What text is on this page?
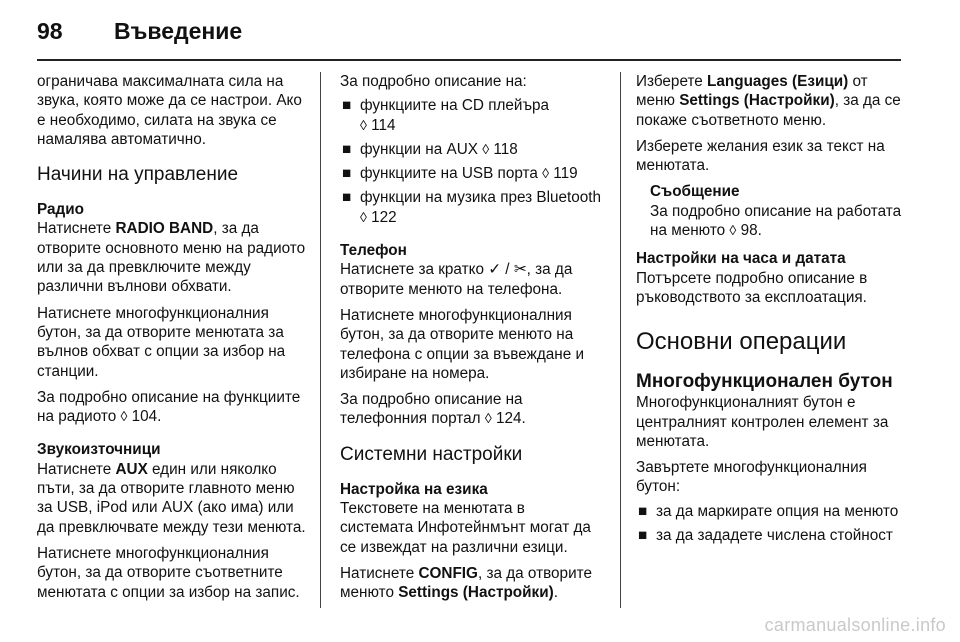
98 Въведение

ограничава максималната сила на звука, която може да се настрои. Ако е необходимо, силата на звука се намалява автоматично.

Начини на управление
Радио

Натиснете RADIO BAND, за да отворите основното меню на радиото или за да превключите между различни вълнови обхвати.

Натиснете многофункционалния бутон, за да отворите менютата за вълнов обхват с опции за избор на станции.

За подробно описание на функциите на радиото ◊ 104.

Звукоизточници

Натиснете AUX един или няколко пъти, за да отворите главното меню за USB, iPod или AUX (ако има) или да превключвате между тези менюта.

Натиснете многофункционалния бутон, за да отворите съответните менютата с опции за избор на запис.

За подробно описание на:

■ функциите на CD плейъра
◊ 114
■ функции на AUX ◊ 118
■ функциите на USB порта ◊ 119
■ функции на музика през Bluetooth
◊ 122
Телефон

Натиснете за кратко ✓ / ✂, за да отворите менюто на телефона.

Натиснете многофункционалния бутон, за да отворите менюто на телефона с опции за въвеждане и избиране на номера.

За подробно описание на телефонния портал ◊ 124.

Системни настройки
Настройка на езика

Текстовете на менютата в системата Инфотейнмънт могат да се извеждат на различни езици.

Натиснете CONFIG, за да отворите менюто Settings (Настройки).

Изберете Languages (Езици) от меню Settings (Настройки), за да се покаже съответното меню.

Изберете желания език за текст на менютата.

Съобщение
За подробно описание на работата на менюто ◊ 98.
Настройки на часа и датата

Потърсете подробно описание в ръководството за експлоатация.

Основни операции
Многофункционален бутон

Многофункционалният бутон е централният контролен елемент за менютата.

Завъртете многофункционалния бутон:

■ за да маркирате опция на менюто
■ за да зададете числена стойност
carmanualsonline.info
